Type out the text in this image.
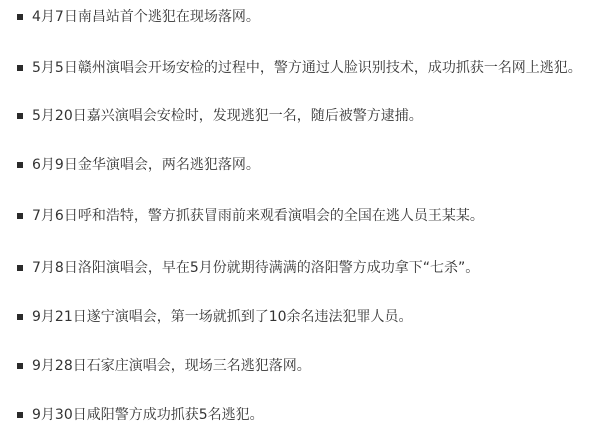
4月7日南昌站首个逃犯在现场落网。
5月5日赣州演唱会开场安检的过程中，警方通过人脸识别技术，成功抓获一名网上逃犯。
5月20日嘉兴演唱会安检时，发现逃犯一名，随后被警方逮捕。
6月9日金华演唱会，两名逃犯落网。
7月6日呼和浩特，警方抓获冒雨前来观看演唱会的全国在逃人员王某某。
7月8日洛阳演唱会，早在5月份就期待满满的洛阳警方成功拿下“七杀”。
9月21日遂宁演唱会，第一场就抓到了10余名违法犯罪人员。
9月28日石家庄演唱会，现场三名逃犯落网。
9月30日咸阳警方成功抓获5名逃犯。
